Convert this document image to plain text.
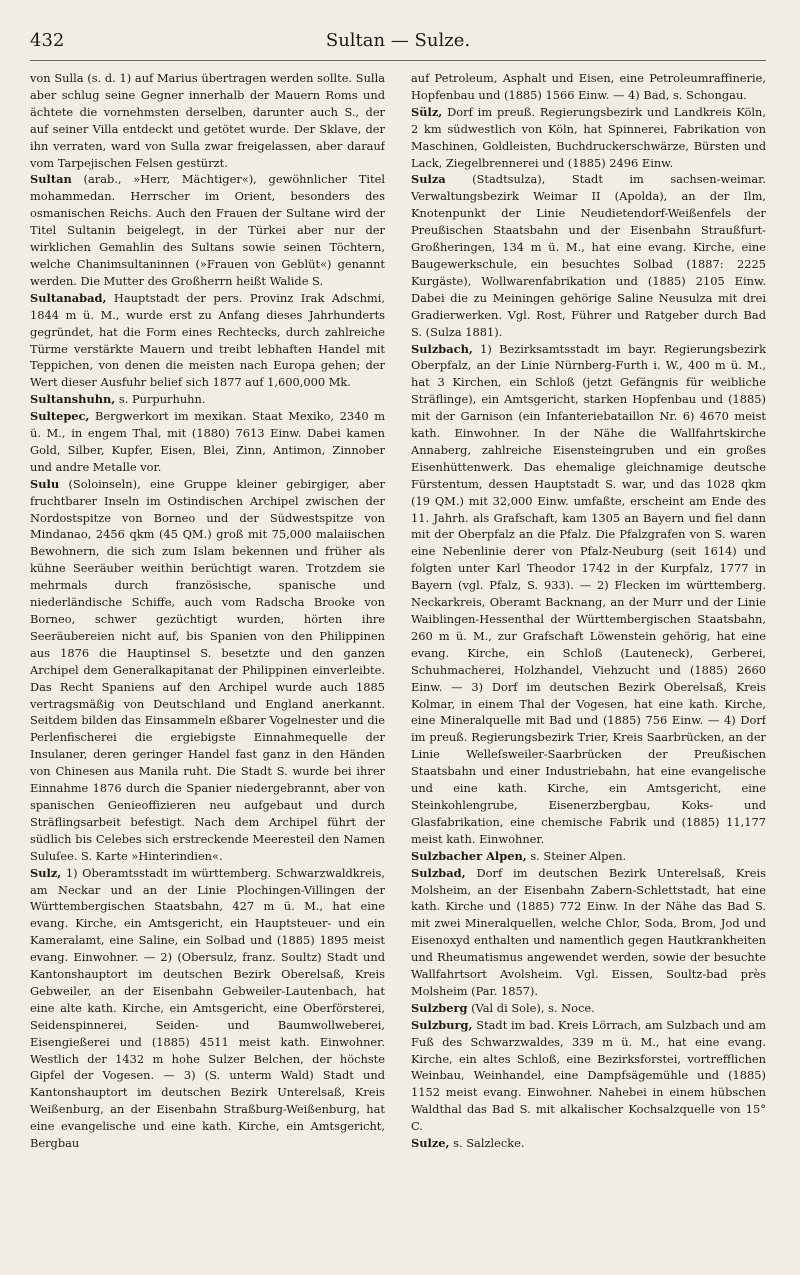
432	Sultan — Sulze.

von Sulla (s. d. 1) auf Marius übertragen werden sollte. Sulla aber schlug seine Gegner innerhalb der Mauern Roms und ächtete die vornehmsten derselben, darunter auch S., der auf seiner Villa entdeckt und getötet wurde. Der Sklave, der ihn verraten, ward von Sulla zwar freigelassen, aber darauf vom Tarpejischen Felsen gestürzt.

Sultan (arab., »Herr, Mächtiger«), gewöhnlicher Titel mohammedan. Herrscher im Orient, besonders des osmanischen Reichs. Auch den Frauen der Sultane wird der Titel Sultanin beigelegt, in der Türkei aber nur der wirklichen Gemahlin des Sultans sowie seinen Töchtern, welche Chanimsultaninnen (»Frauen von Geblüt«) genannt werden. Die Mutter des Großherrn heißt Walide S.

Sultanabad, Hauptstadt der pers. Provinz Irak Adschmi, 1844 m ü. M., wurde erst zu Anfang dieses Jahrhunderts gegründet, hat die Form eines Rechtecks, durch zahlreiche Türme verstärkte Mauern und treibt lebhaften Handel mit Teppichen, von denen die meisten nach Europa gehen; der Wert dieser Ausfuhr belief sich 1877 auf 1,600,000 Mk.

Sultanshuhn, s. Purpurhuhn.

Sultepec, Bergwerkort im mexikan. Staat Mexiko, 2340 m ü. M., in engem Thal, mit (1880) 7613 Einw. Dabei kamen Gold, Silber, Kupfer, Eisen, Blei, Zinn, Antimon, Zinnober und andre Metalle vor.

Sulu (Soloinseln), eine Gruppe kleiner gebirgiger, aber fruchtbarer Inseln im Ostindischen Archipel zwischen der Nordostspitze von Borneo und der Südwestspitze von Mindanao, 2456 qkm (45 QM.) groß mit 75,000 malaiischen Bewohnern, die sich zum Islam bekennen und früher als kühne Seeräuber weithin berüchtigt waren. Trotzdem sie mehrmals durch französische, spanische und niederländische Schiffe, auch vom Radscha Brooke von Borneo, schwer gezüchtigt wurden, hörten ihre Seeräubereien nicht auf, bis Spanien von den Philippinen aus 1876 die Hauptinsel S. besetzte und den ganzen Archipel dem Generalkapitanat der Philippinen einverleibte. Das Recht Spaniens auf den Archipel wurde auch 1885 vertragsmäßig von Deutschland und England anerkannt. Seitdem bilden das Einsammeln eßbarer Vogelnester und die Perlenfischerei die ergiebigste Einnahmequelle der Insulaner, deren geringer Handel fast ganz in den Händen von Chinesen aus Manila ruht. Die Stadt S. wurde bei ihrer Einnahme 1876 durch die Spanier niedergebrannt, aber von spanischen Genieoffizieren neu aufgebaut und durch Sträflingsarbeit befestigt. Nach dem Archipel führt der südlich bis Celebes sich erstreckende Meeresteil den Namen Suluſee. S. Karte »Hinterindien«.

Sulz, 1) Oberamtsstadt im württemberg. Schwarzwaldkreis, am Neckar und an der Linie Plochingen-Villingen der Württembergischen Staatsbahn, 427 m ü. M., hat eine evang. Kirche, ein Amtsgericht, ein Hauptsteuer- und ein Kameralamt, eine Saline, ein Solbad und (1885) 1895 meist evang. Einwohner. — 2) (Obersulz, franz. Soultz) Stadt und Kantonshauptort im deutschen Bezirk Oberelsaß, Kreis Gebweiler, an der Eisenbahn Gebweiler-Lautenbach, hat eine alte kath. Kirche, ein Amtsgericht, eine Oberförsterei, Seidenspinnerei, Seiden- und Baumwollweberei, Eisengießerei und (1885) 4511 meist kath. Einwohner. Westlich der 1432 m hohe Sulzer Belchen, der höchste Gipfel der Vogesen. — 3) (S. unterm Wald) Stadt und Kantonshauptort im deutschen Bezirk Unterelsaß, Kreis Weißenburg, an der Eisenbahn Straßburg-Weißenburg, hat eine evangelische und eine kath. Kirche, ein Amtsgericht, Bergbau

auf Petroleum, Asphalt und Eisen, eine Petroleumraffinerie, Hopfenbau und (1885) 1566 Einw. — 4) Bad, s. Schongau.

Sülz, Dorf im preuß. Regierungsbezirk und Landkreis Köln, 2 km südwestlich von Köln, hat Spinnerei, Fabrikation von Maschinen, Goldleisten, Buchdruckerschwärze, Bürsten und Lack, Ziegelbrennerei und (1885) 2496 Einw.

Sulza (Stadtsulza), Stadt im sachsen-weimar. Verwaltungsbezirk Weimar II (Apolda), an der Ilm, Knotenpunkt der Linie Neudietendorf-Weißenfels der Preußischen Staatsbahn und der Eisenbahn Straußfurt-Großheringen, 134 m ü. M., hat eine evang. Kirche, eine Baugewerkschule, ein besuchtes Solbad (1887: 2225 Kurgäste), Wollwarenfabrikation und (1885) 2105 Einw. Dabei die zu Meiningen gehörige Saline Neusulza mit drei Gradierwerken. Vgl. Rost, Führer und Ratgeber durch Bad S. (Sulza 1881).

Sulzbach, 1) Bezirksamtsstadt im bayr. Regierungsbezirk Oberpfalz, an der Linie Nürnberg-Furth i. W., 400 m ü. M., hat 3 Kirchen, ein Schloß (jetzt Gefängnis für weibliche Sträflinge), ein Amtsgericht, starken Hopfenbau und (1885) mit der Garnison (ein Infanteriebataillon Nr. 6) 4670 meist kath. Einwohner. In der Nähe die Wallfahrtskirche Annaberg, zahlreiche Eisensteingruben und ein großes Eisenhüttenwerk. Das ehemalige gleichnamige deutsche Fürstentum, dessen Hauptstadt S. war, und das 1028 qkm (19 QM.) mit 32,000 Einw. umfaßte, erscheint am Ende des 11. Jahrh. als Grafschaft, kam 1305 an Bayern und fiel dann mit der Oberpfalz an die Pfalz. Die Pfalzgrafen von S. waren eine Nebenlinie derer von Pfalz-Neuburg (seit 1614) und folgten unter Karl Theodor 1742 in der Kurpfalz, 1777 in Bayern (vgl. Pfalz, S. 933). — 2) Flecken im württemberg. Neckarkreis, Oberamt Backnang, an der Murr und der Linie Waiblingen-Hessenthal der Württembergischen Staatsbahn, 260 m ü. M., zur Grafschaft Löwenstein gehörig, hat eine evang. Kirche, ein Schloß (Lauteneck), Gerberei, Schuhmacherei, Holzhandel, Viehzucht und (1885) 2660 Einw. — 3) Dorf im deutschen Bezirk Oberelsaß, Kreis Kolmar, in einem Thal der Vogesen, hat eine kath. Kirche, eine Mineralquelle mit Bad und (1885) 756 Einw. — 4) Dorf im preuß. Regierungsbezirk Trier, Kreis Saarbrücken, an der Linie Welleſsweiler-Saarbrücken der Preußischen Staatsbahn und einer Industriebahn, hat eine evangelische und eine kath. Kirche, ein Amtsgericht, eine Steinkohlengrube, Eisenerzbergbau, Koks- und Glasfabrikation, eine chemische Fabrik und (1885) 11,177 meist kath. Einwohner.

Sulzbacher Alpen, s. Steiner Alpen.

Sulzbad, Dorf im deutschen Bezirk Unterelsaß, Kreis Molsheim, an der Eisenbahn Zabern-Schlettstadt, hat eine kath. Kirche und (1885) 772 Einw. In der Nähe das Bad S. mit zwei Mineralquellen, welche Chlor, Soda, Brom, Jod und Eisenoxyd enthalten und namentlich gegen Hautkrankheiten und Rheumatismus angewendet werden, sowie der besuchte Wallfahrtsort Avolsheim. Vgl. Eissen, Soultz-bad près Molsheim (Par. 1857).

Sulzberg (Val di Sole), s. Noce.

Sulzburg, Stadt im bad. Kreis Lörrach, am Sulzbach und am Fuß des Schwarzwaldes, 339 m ü. M., hat eine evang. Kirche, ein altes Schloß, eine Bezirksforstei, vortrefflichen Weinbau, Weinhandel, eine Dampfsägemühle und (1885) 1152 meist evang. Einwohner. Nahebei in einem hübschen Waldthal das Bad S. mit alkalischer Kochsalzquelle von 15° C.

Sulze, s. Salzlecke.
